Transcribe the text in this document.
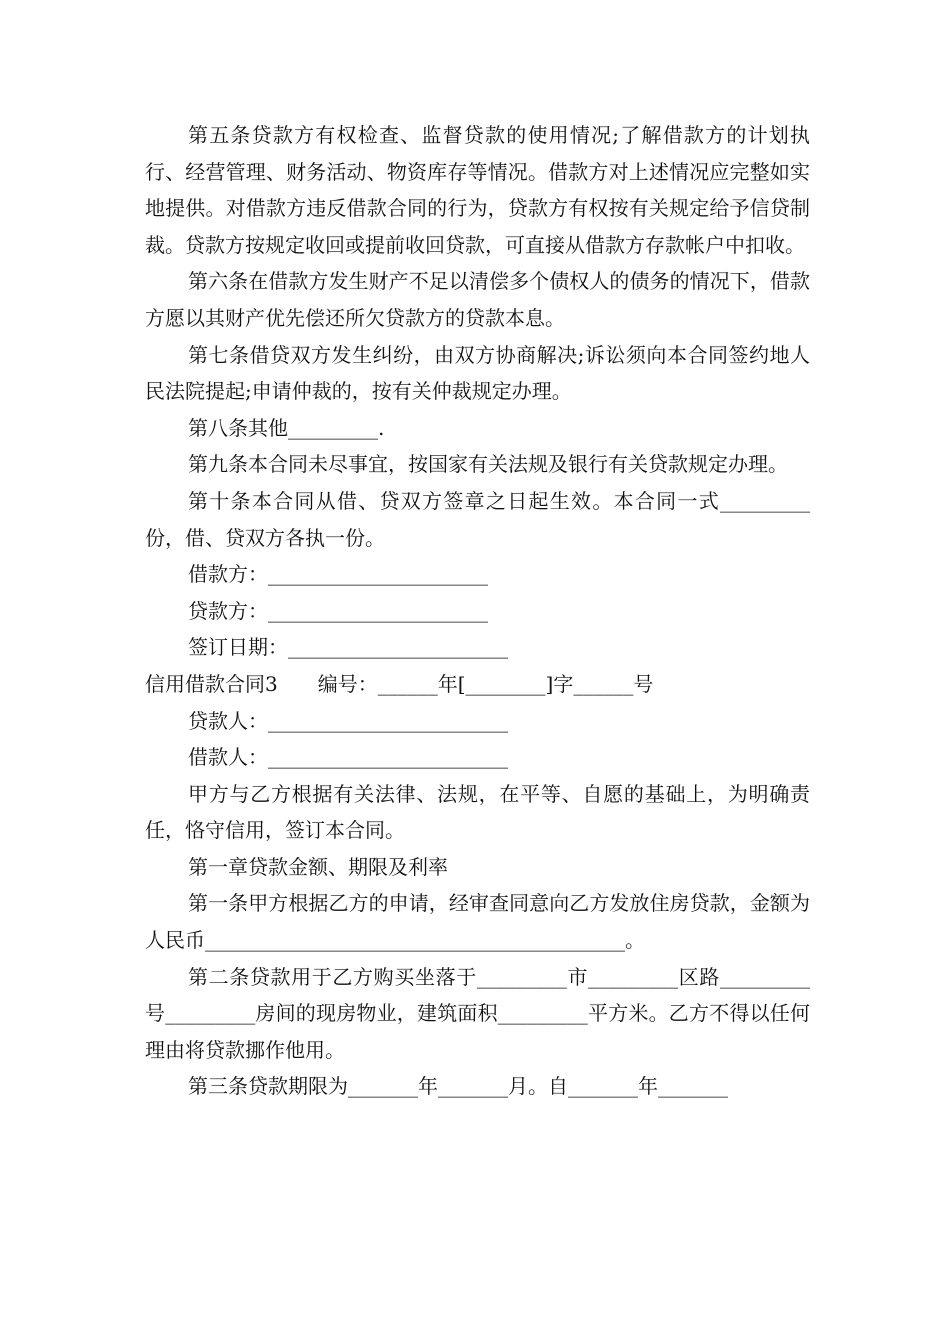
第五条贷款方有权检查、监督贷款的使用情况;了解借款方的计划执行、经营管理、财务活动、物资库存等情况。借款方对上述情况应完整如实地提供。对借款方违反借款合同的行为，贷款方有权按有关规定给予信贷制裁。贷款方按规定收回或提前收回贷款，可直接从借款方存款帐户中扣收。

第六条在借款方发生财产不足以清偿多个债权人的债务的情况下，借款方愿以其财产优先偿还所欠贷款方的贷款本息。

第七条借贷双方发生纠纷，由双方协商解决;诉讼须向本合同签约地人民法院提起;申请仲裁的，按有关仲裁规定办理。

第八条其他_________.

第九条本合同未尽事宜，按国家有关法规及银行有关贷款规定办理。

第十条本合同从借、贷双方签章之日起生效。本合同一式_________份，借、贷双方各执一份。

借款方：______________________

贷款方：______________________

签订日期：______________________

信用借款合同3　　编号：______年[________]字______号

贷款人：________________________

借款人：________________________

甲方与乙方根据有关法律、法规，在平等、自愿的基础上，为明确责任，恪守信用，签订本合同。

第一章贷款金额、期限及利率

第一条甲方根据乙方的申请，经审查同意向乙方发放住房贷款，金额为人民币__________________________________________。

第二条贷款用于乙方购买坐落于_________市_________区路_________号_________房间的现房物业，建筑面积_________平方米。乙方不得以任何理由将贷款挪作他用。

第三条贷款期限为_______年_______月。自_______年_______
